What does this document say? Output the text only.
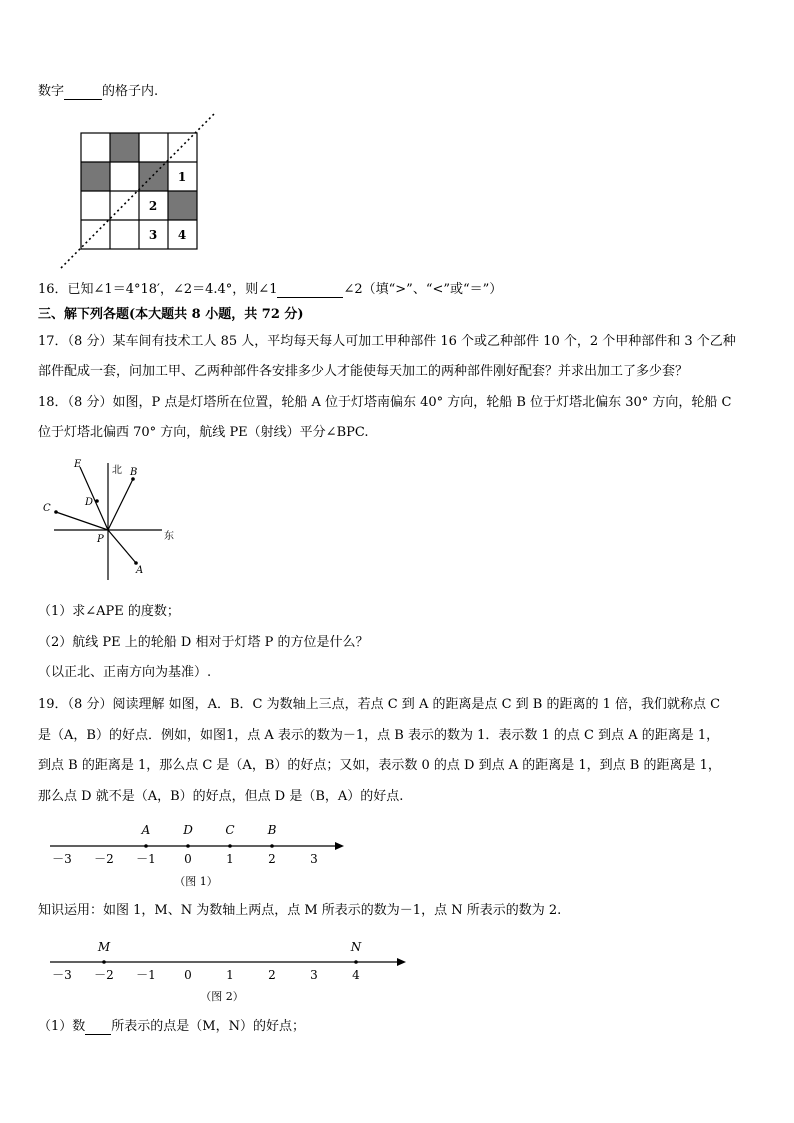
数字	的格子内.
1
2
3 4
16．已知∠1＝4°18′，∠2＝4.4°，则∠1	∠2（填“>”、“<”或“＝”）
三、解下列各题(本大题共 8 小题，共 72 分)
17．（8 分）某车间有技术工人 85 人，平均每天每人可加工甲种部件 16 个或乙种部件 10 个，2 个甲种部件和 3 个乙种
部件配成一套，问加工甲、乙两种部件各安排多少人才能使每天加工的两种部件刚好配套？并求出加工了多少套？
18．（8 分）如图，P 点是灯塔所在位置，轮船 A 位于灯塔南偏东 40° 方向，轮船 B 位于灯塔北偏东 30° 方向，轮船 C
位于灯塔北偏西 70° 方向，航线 PE（射线）平分∠BPC.
E
北 B
D
C
东
P
A
（1）求∠APE 的度数；
（2）航线 PE 上的轮船 D 相对于灯塔 P 的方位是什么？
（以正北、正南方向为基准）.
19．（8 分）阅读理解 如图，A．B．C 为数轴上三点，若点 C 到 A 的距离是点 C 到 B 的距离的 1 倍，我们就称点 C
是（A，B）的好点．例如，如图1，点 A 表示的数为－1，点 B 表示的数为 1．表示数 1 的点 C 到点 A 的距离是 1，
到点 B 的距离是 1，那么点 C 是（A，B）的好点；又如，表示数 0 的点 D 到点 A 的距离是 1，到点 B 的距离是 1，
那么点 D 就不是（A，B）的好点，但点 D 是（B，A）的好点.
－3 －2 －1 0	1	2	3
A	D	C	B
（图 1）
知识运用：如图 1，M、N 为数轴上两点，点 M 所表示的数为－1，点 N 所表示的数为 2.
－3 －2 －1 0	1	2	3	4
M	N
（图 2）
（1）数 所表示的点是（M，N）的好点；
